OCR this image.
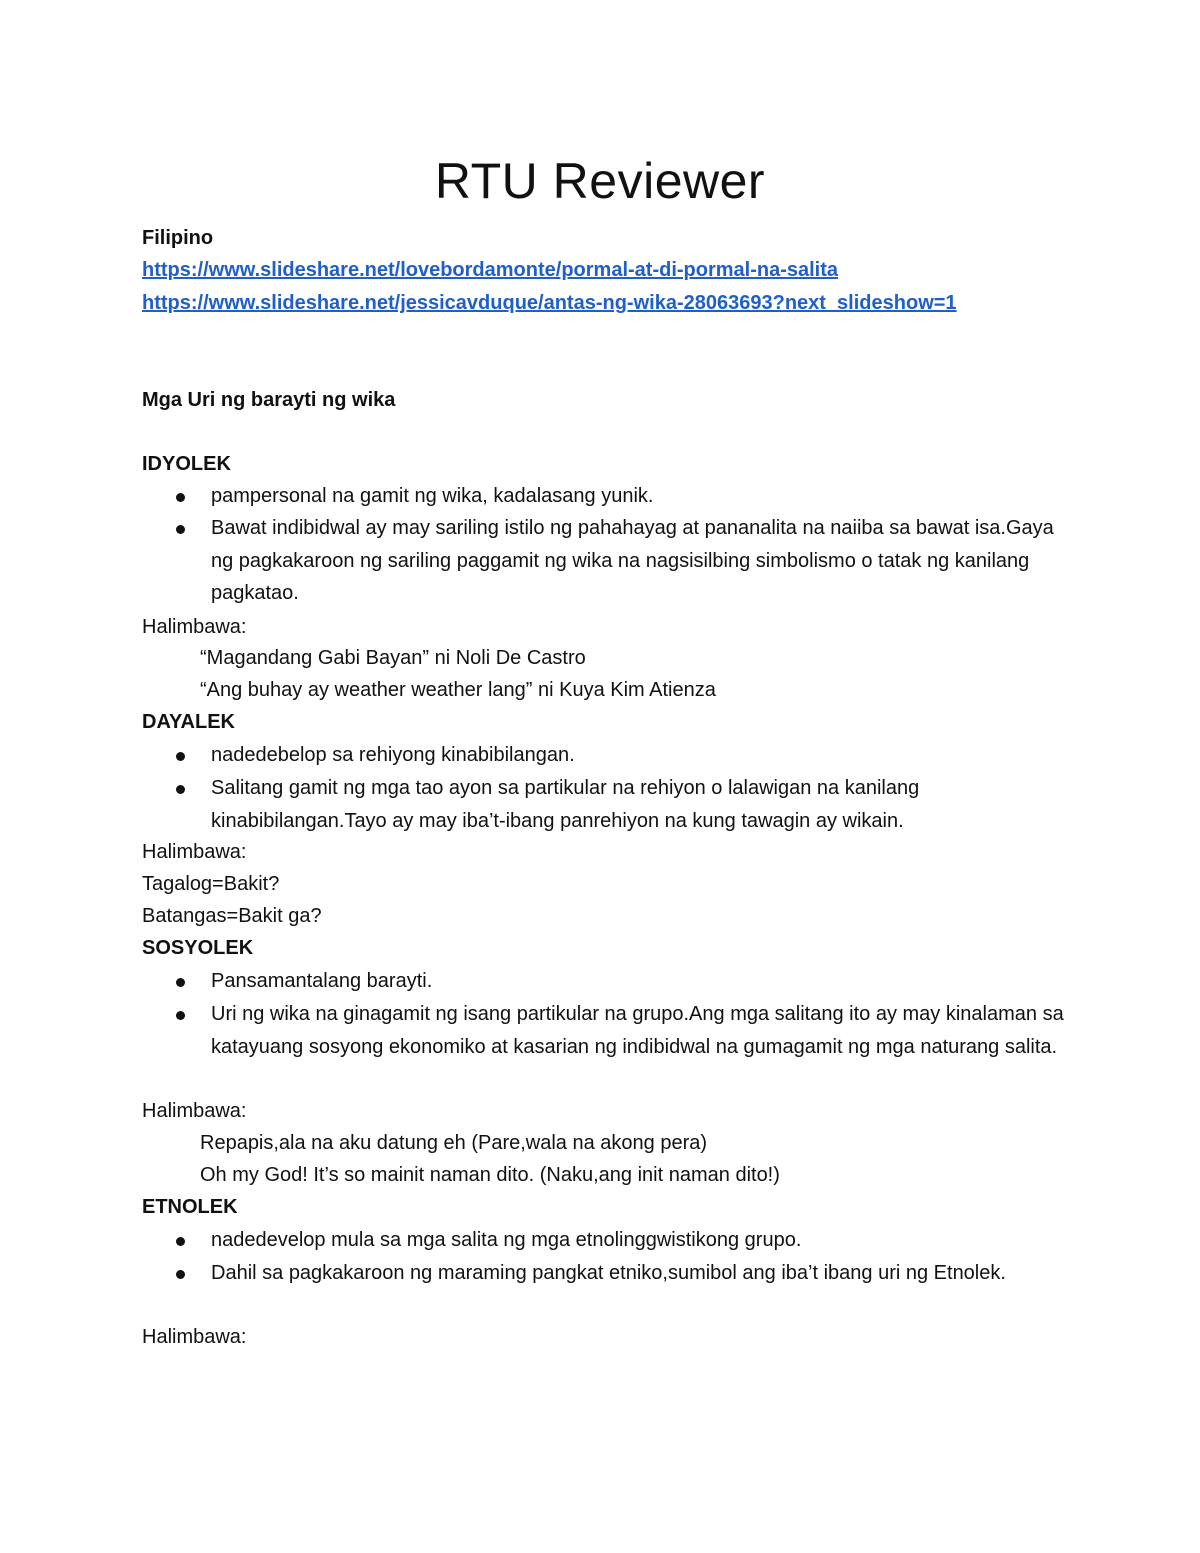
RTU Reviewer

Filipino

https://www.slideshare.net/lovebordamonte/pormal-at-di-pormal-na-salita

https://www.slideshare.net/jessicavduque/antas-ng-wika-28063693?next_slideshow=1

Mga Uri ng barayti ng wika

IDYOLEK

pampersonal na gamit ng wika, kadalasang yunik.

Bawat indibidwal ay may sariling istilo ng pahahayag at pananalita na naiiba sa bawat isa.Gaya ng pagkakaroon ng sariling paggamit ng wika na nagsisilbing simbolismo o tatak ng kanilang pagkatao.

Halimbawa:

“Magandang Gabi Bayan” ni Noli De Castro

“Ang buhay ay weather weather lang” ni Kuya Kim Atienza

DAYALEK

nadedebelop sa rehiyong kinabibilangan.

Salitang gamit ng mga tao ayon sa partikular na rehiyon o lalawigan na kanilang kinabibilangan.Tayo ay may iba’t-ibang panrehiyon na kung tawagin ay wikain.

Halimbawa:

Tagalog=Bakit?

Batangas=Bakit ga?

SOSYOLEK

Pansamantalang barayti.

Uri ng wika na ginagamit ng isang partikular na grupo.Ang mga salitang ito ay may kinalaman sa katayuang sosyong ekonomiko at kasarian ng indibidwal na gumagamit ng mga naturang salita.

Halimbawa:

Repapis,ala na aku datung eh (Pare,wala na akong pera)

Oh my God! It’s so mainit naman dito. (Naku,ang init naman dito!)

ETNOLEK

nadedevelop mula sa mga salita ng mga etnolinggwistikong grupo.

Dahil sa pagkakaroon ng maraming pangkat etniko,sumibol ang iba’t ibang uri ng Etnolek.

Halimbawa:
